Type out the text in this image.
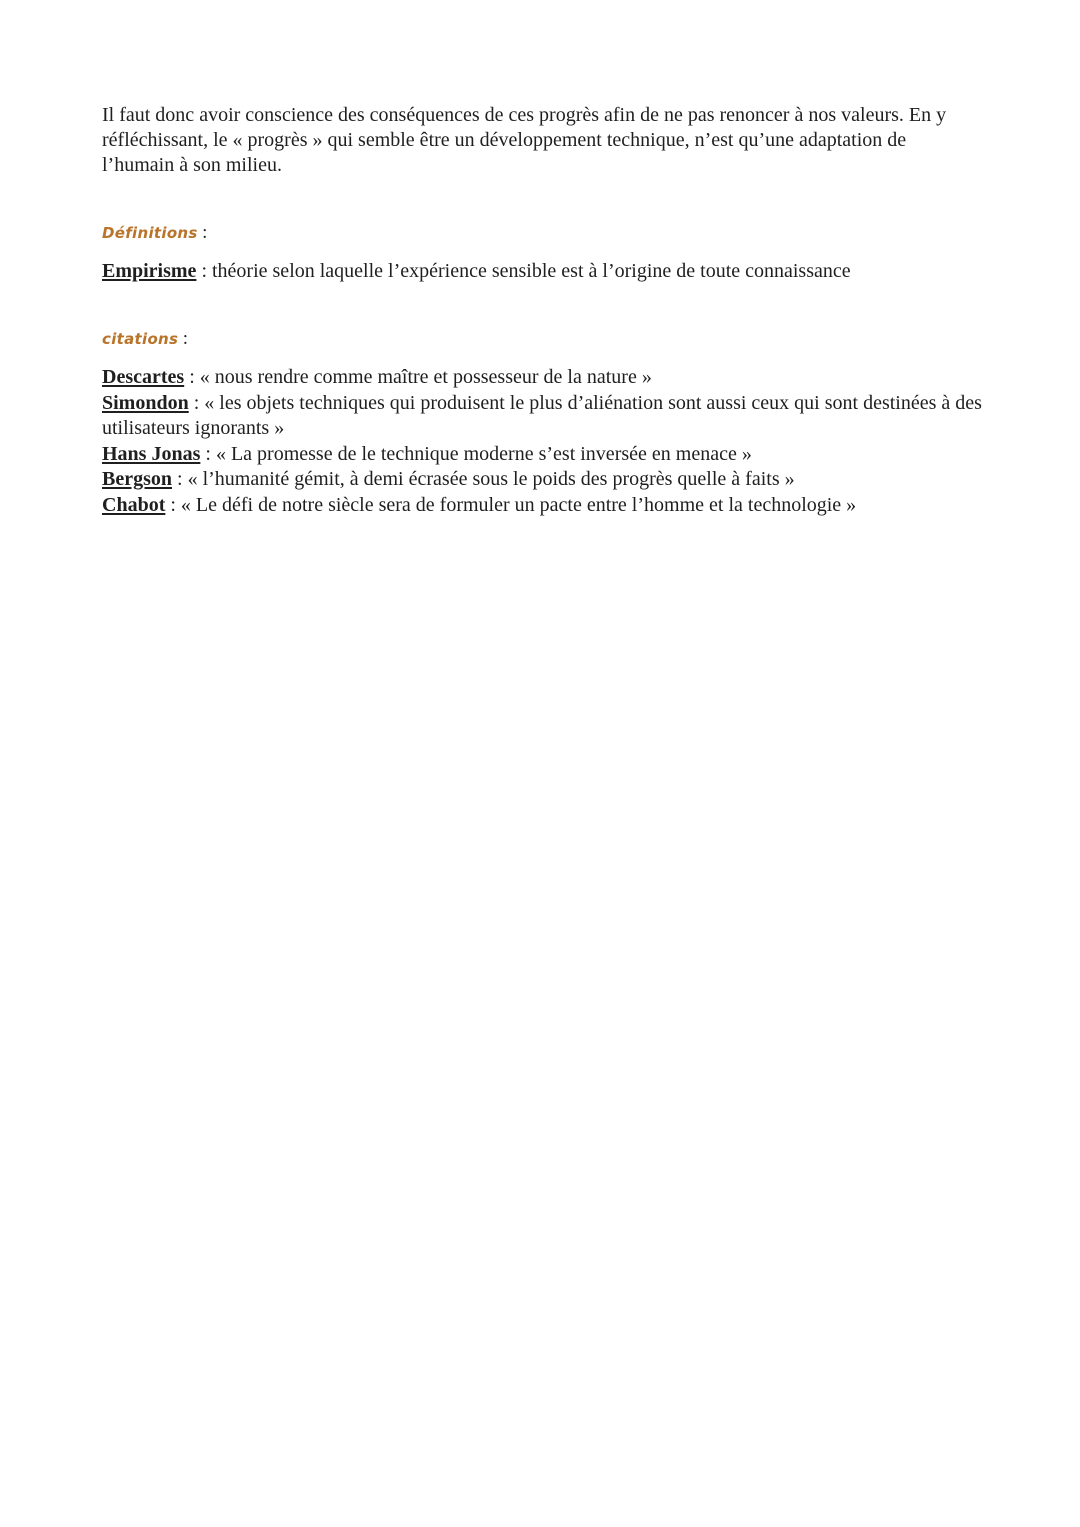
Il faut donc avoir conscience des conséquences de ces progrès afin de ne pas renoncer à nos valeurs. En y réfléchissant, le « progrès » qui semble être un développement technique, n’est qu’une adaptation de l’humain à son milieu.

Définitions :

Empirisme : théorie selon laquelle l’expérience sensible est à l’origine de toute connaissance

citations :

Descartes : « nous rendre comme maître et possesseur de la nature »
Simondon : « les objets techniques qui produisent le plus d’aliénation sont aussi ceux qui sont destinées à des utilisateurs ignorants »
Hans Jonas : « La promesse de le technique moderne s’est inversée en menace »
Bergson : « l’humanité gémit, à demi écrasée sous le poids des progrès quelle à faits »
Chabot : « Le défi de notre siècle sera de formuler un pacte entre l’homme et la technologie »
